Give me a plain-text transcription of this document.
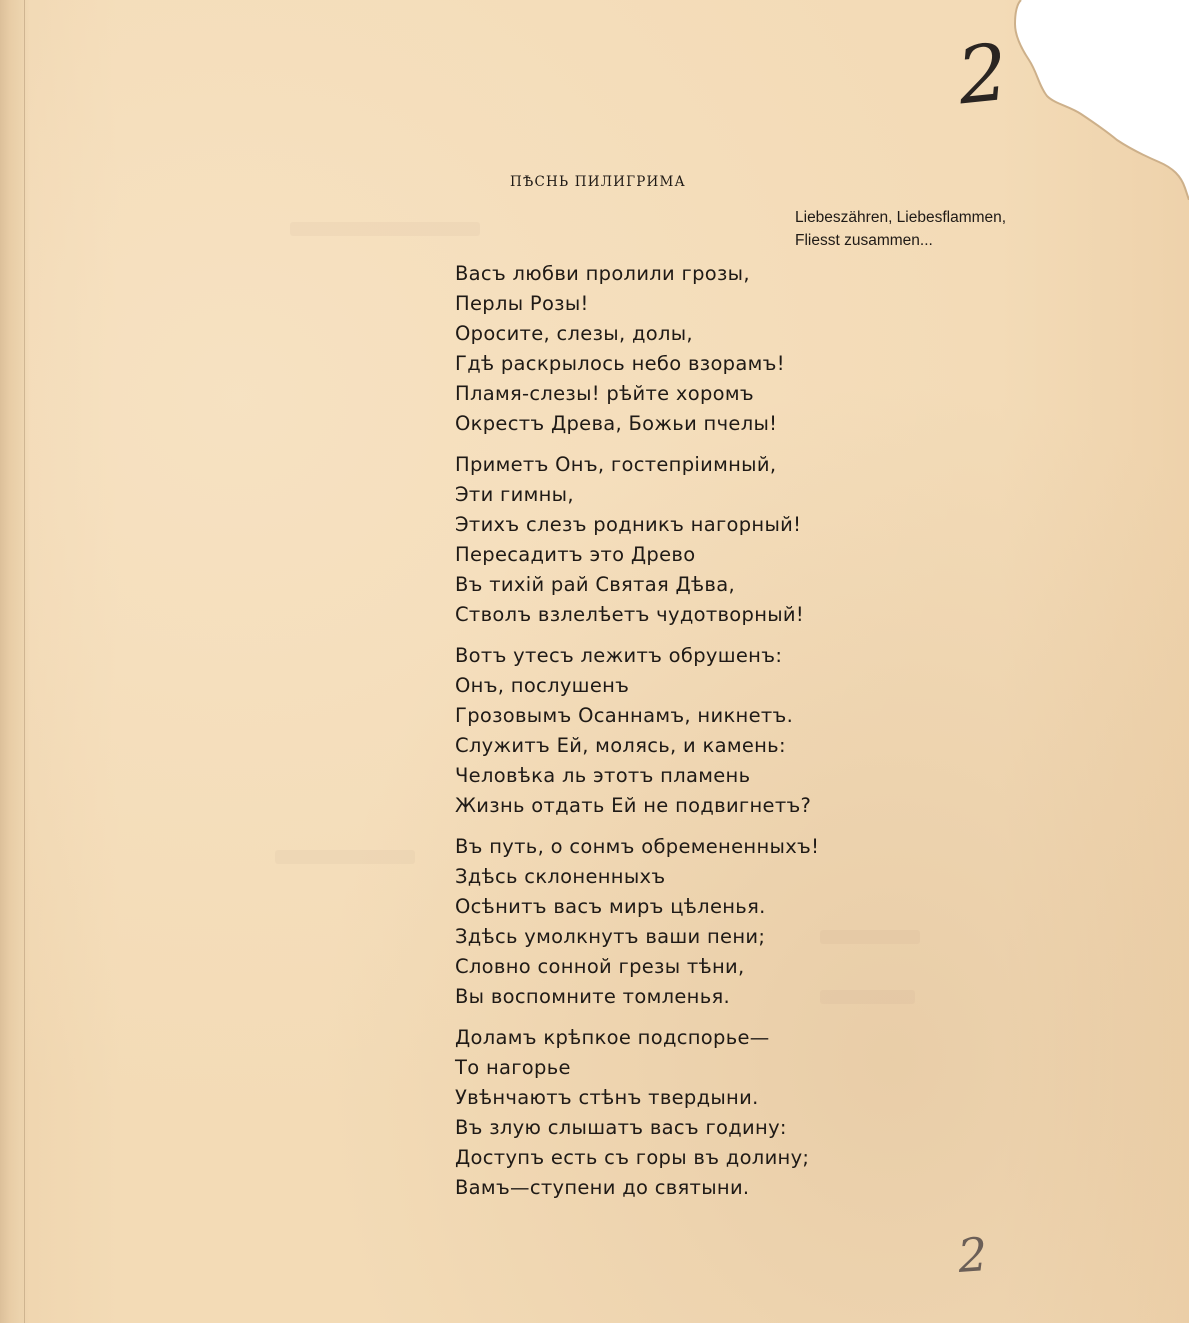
2
ПѢСНЬ ПИЛИГРИМА
Liebeszähren, Liebesflammen,
Fliesst zusammen...
Васъ любви пролили грозы,
Перлы Розы!
Оросите, слезы, долы,
Гдѣ раскрылось небо взорамъ!
Пламя-слезы! рѣйте хоромъ
Окрестъ Древа, Божьи пчелы!
Приметъ Онъ, гостепріимный,
Эти гимны,
Этихъ слезъ родникъ нагорный!
Пересадитъ это Древо
Въ тихій рай Святая Дѣва,
Стволъ взлелѣетъ чудотворный!
Вотъ утесъ лежитъ обрушенъ:
Онъ, послушенъ
Грозовымъ Осаннамъ, никнетъ.
Служитъ Ей, молясь, и камень:
Человѣка ль этотъ пламень
Жизнь отдать Ей не подвигнетъ?
Въ путь, о сонмъ обремененныхъ!
Здѣсь склоненныхъ
Осѣнитъ васъ миръ цѣленья.
Здѣсь умолкнутъ ваши пени;
Словно сонной грезы тѣни,
Вы воспомните томленья.
Доламъ крѣпкое подспорье—
То нагорье
Увѣнчаютъ стѣнъ твердыни.
Въ злую слышатъ васъ годину:
Доступъ есть съ горы въ долину;
Вамъ—ступени до святыни.
2
